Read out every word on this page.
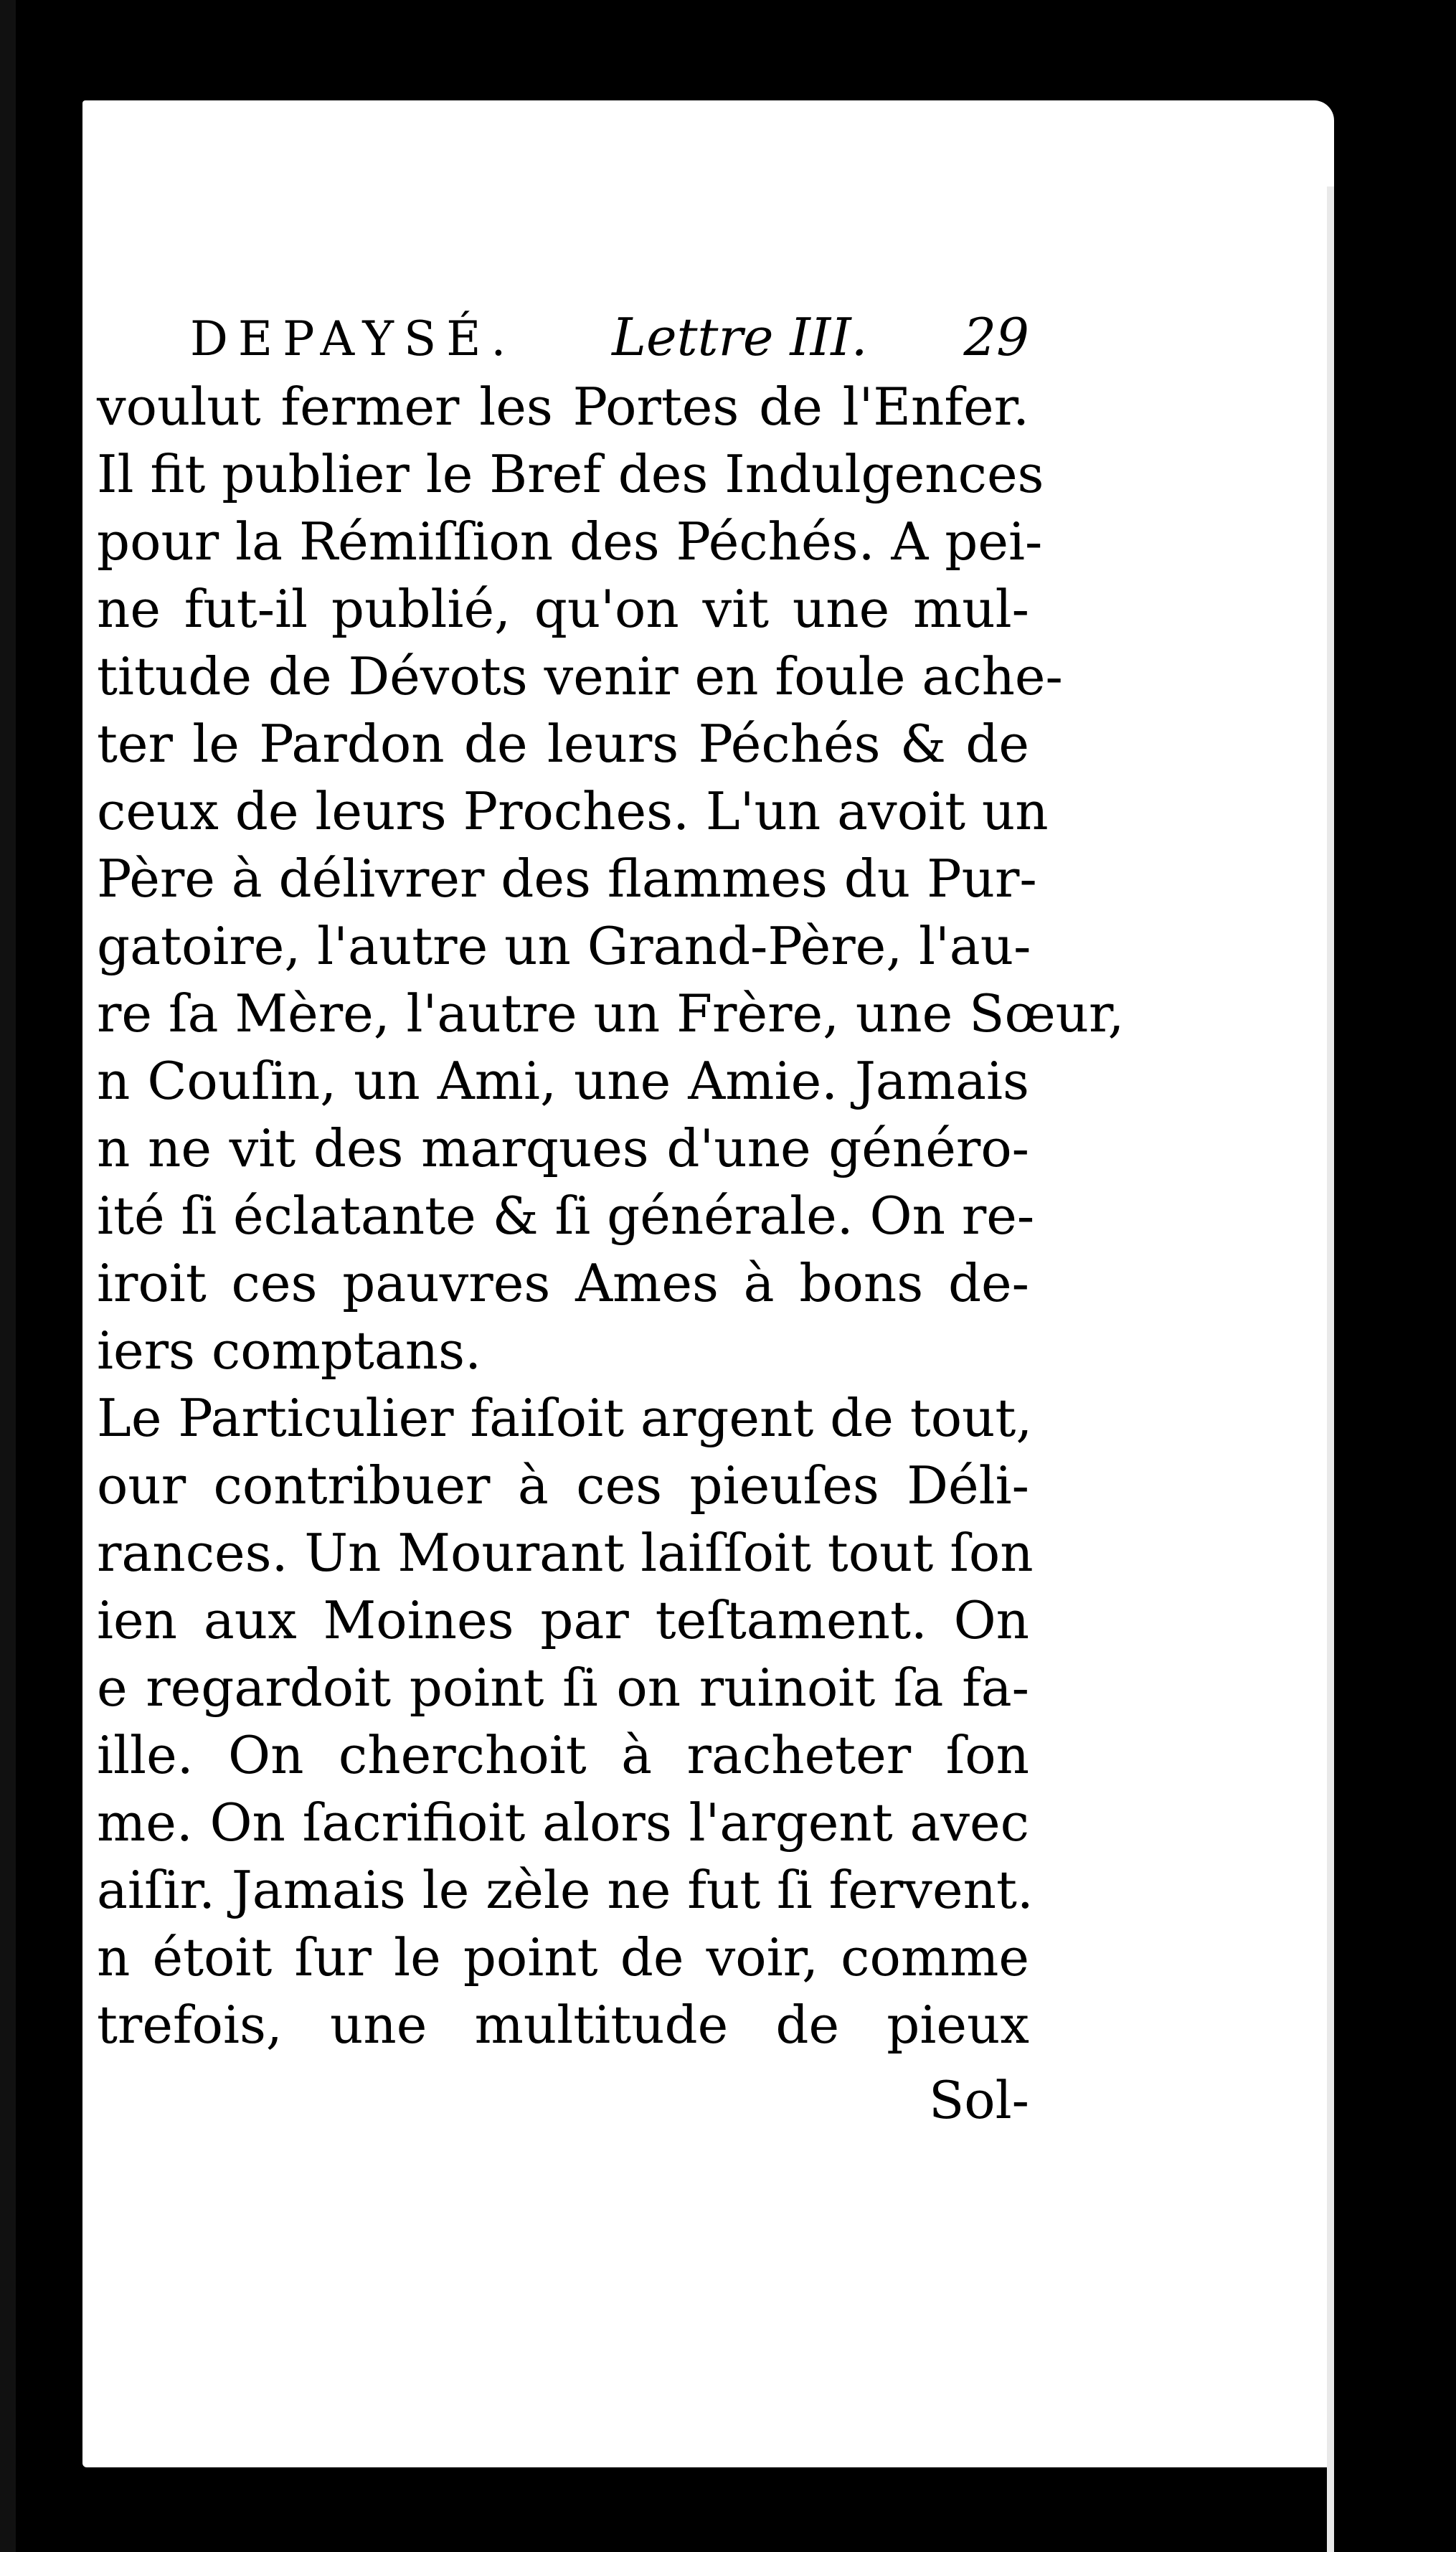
DEPAYSÉ. Lettre III. 29
voulut fermer les Portes de l'Enfer.
Il fit publier le Bref des Indulgences
pour la Rémiſſion des Péchés. A pei-
ne fut-il publié, qu'on vit une mul-
titude de Dévots venir en foule ache-
ter le Pardon de leurs Péchés & de
ceux de leurs Proches. L'un avoit un
Père à délivrer des flammes du Pur-
gatoire, l'autre un Grand-Père, l'au-
re ſa Mère, l'autre un Frère, une Sœur,
n Couſin, un Ami, une Amie. Jamais
n ne vit des marques d'une généro-
ité ſi éclatante & ſi générale. On re-
iroit ces pauvres Ames à bons de-
iers comptans.
Le Particulier faiſoit argent de tout,
our contribuer à ces pieuſes Déli-
rances. Un Mourant laiſſoit tout ſon
ien aux Moines par teſtament. On
e regardoit point ſi on ruinoit ſa fa-
ille. On cherchoit à racheter ſon
me. On ſacrifioit alors l'argent avec
aiſir. Jamais le zèle ne fut ſi fervent.
n étoit ſur le point de voir, comme
trefois, une multitude de pieux
Sol-
